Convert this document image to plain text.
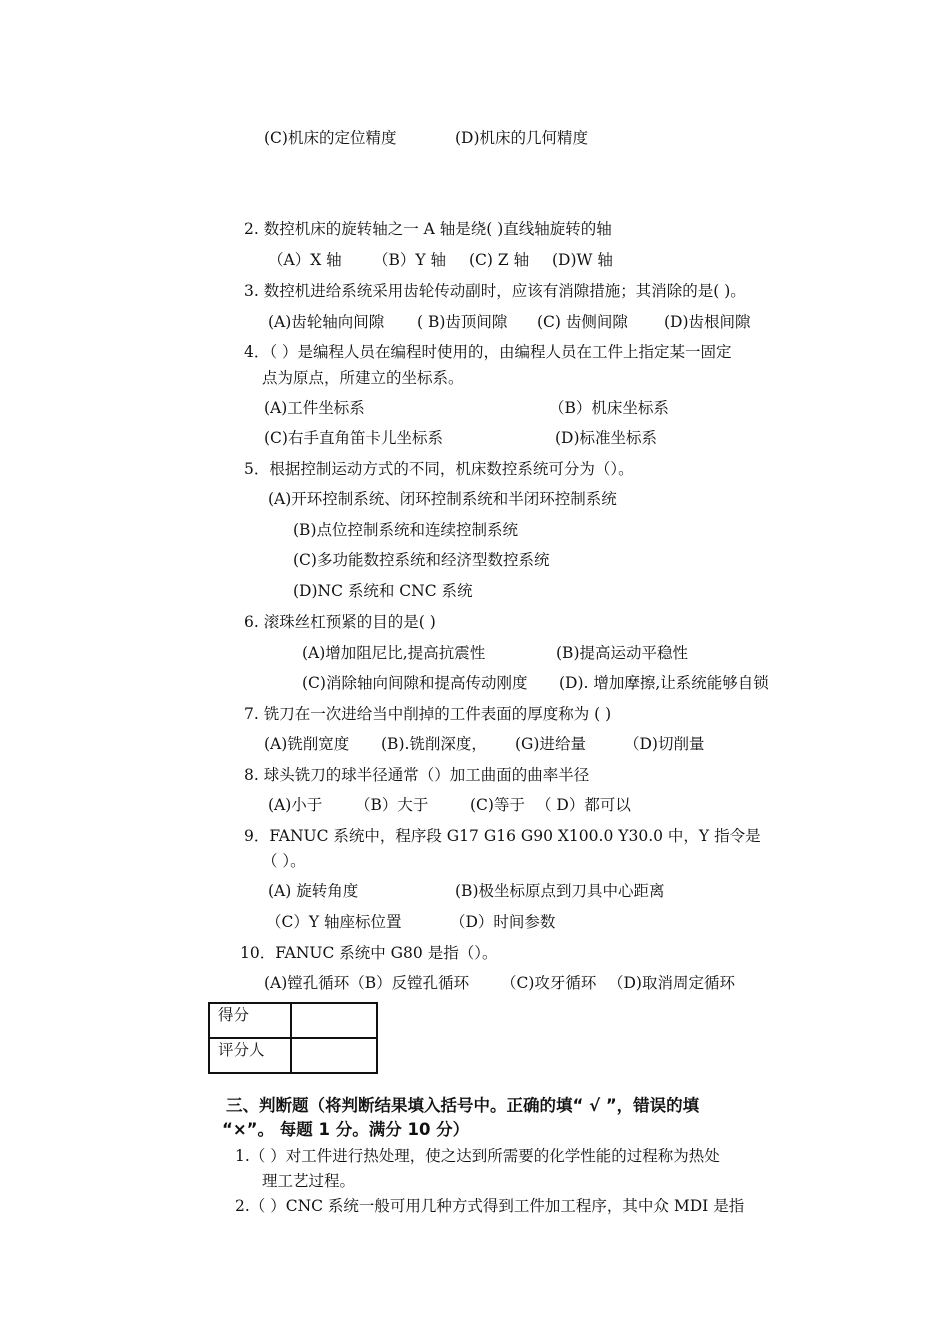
(C)机床的定位精度	(D)机床的几何精度
2. 数控机床的旋转轴之一 A 轴是绕( )直线轴旋转的轴
（A）X 轴 （B）Y 轴 (C) Z 轴 (D)W 轴
3. 数控机进给系统采用齿轮传动副时，应该有消隙措施；其消除的是( )。
(A)齿轮轴向间隙 ( B)齿顶间隙 (C) 齿侧间隙 (D)齿根间隙
4．（ ）是编程人员在编程时使用的，由编程人员在工件上指定某一固定
点为原点，所建立的坐标系。
(A)工件坐标系	（B）机床坐标系
(C)右手直角笛卡儿坐标系	(D)标准坐标系
5．根据控制运动方式的不同，机床数控系统可分为（）。
(A)开环控制系统、闭环控制系统和半闭环控制系统
(B)点位控制系统和连续控制系统
(C)多功能数控系统和经济型数控系统
(D)NC 系统和 CNC 系统
6. 滚珠丝杠预紧的目的是( )
(A)增加阻尼比,提高抗震性	(B)提高运动平稳性
(C)消除轴向间隙和提高传动刚度 (D). 增加摩擦,让系统能够自锁
7. 铣刀在一次进给当中削掉的工件表面的厚度称为 ( )
(A)铣削宽度 (B).铣削深度， (G)进给量 （D)切削量
8. 球头铣刀的球半径通常（）加工曲面的曲率半径
(A)小于 （B）大于	(C)等于 （ D）都可以
9．FANUC 系统中，程序段 G17 G16 G90 X100.0 Y30.0 中，Y 指令是
（ ）。
(A) 旋转角度	(B)极坐标原点到刀具中心距离
（C）Y 轴座标位置	（D）时间参数
10．FANUC 系统中 G80 是指（）。
(A)镗孔循环（B）反镗孔循环 （C)攻牙循环 （D)取消周定循环
1.（ ）对工件进行热处理，使之达到所需要的化学性能的过程称为热处
理工艺过程。
2.（ ）CNC 系统一般可用几种方式得到工件加工程序，其中众 MDI 是指
得分	
评分人	
三、判断题（将判断结果填入括号中。正确的填“ √ ”，错误的填
“×”。 每题 1 分。满分 10 分）
